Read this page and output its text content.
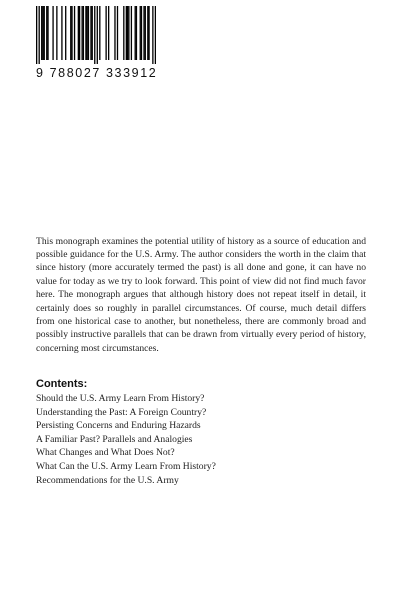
9 788027 333912

This monograph examines the potential utility of history as a source of education and possible guidance for the U.S. Army. The author considers the worth in the claim that since history (more accurately termed the past) is all done and gone, it can have no value for today as we try to look forward. This point of view did not find much favor here. The monograph argues that although history does not repeat itself in detail, it certainly does so roughly in parallel circumstances. Of course, much detail differs from one historical case to another, but nonetheless, there are commonly broad and possibly instructive parallels that can be drawn from virtually every period of history, concerning most circumstances.

Contents:
Should the U.S. Army Learn From History?
Understanding the Past: A Foreign Country?
Persisting Concerns and Enduring Hazards
A Familiar Past? Parallels and Analogies
What Changes and What Does Not?
What Can the U.S. Army Learn From History?
Recommendations for the U.S. Army
